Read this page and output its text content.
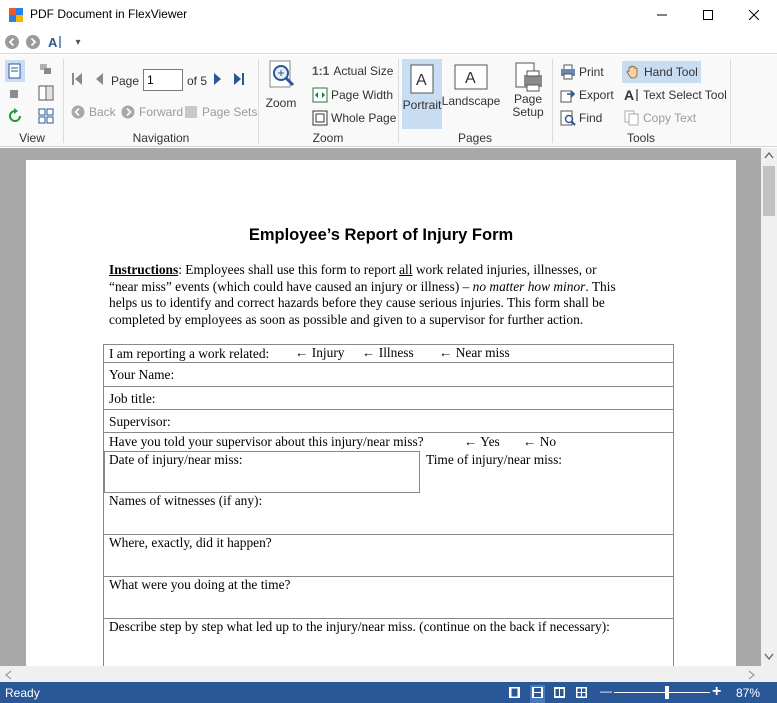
PDF Document in FlexViewer
A	▾
View
Page
1	of 5
Back Forward Page Sets
Navigation
Zoom
1:1 Actual Size
Page Width
Whole Page
Zoom
A
Portrait
A
Landscape Page
Setup
Pages
Print
Export
Find
Hand Tool
A Text Select Tool
Copy Text
Tools
Employee’s Report of Injury Form
Instructions: Employees shall use this form to report all work related injuries, illnesses, or
“near miss” events (which could have caused an injury or illness) – no matter how minor. This
helps us to identify and correct hazards before they cause serious injuries. This form shall be
completed by employees as soon as possible and given to a supervisor for further action.
I am reporting a work related: ← Injury ← Illness ← Near miss
Your Name:
Job title:
Supervisor:
Have you told your supervisor about this injury/near miss?	← Yes ← No
Date of injury/near miss:	Time of injury/near miss:
Names of witnesses (if any):
Where, exactly, did it happen?
What were you doing at the time?
Describe step by step what led up to the injury/near miss. (continue on the back if necessary):
Ready	—	+ 87%
